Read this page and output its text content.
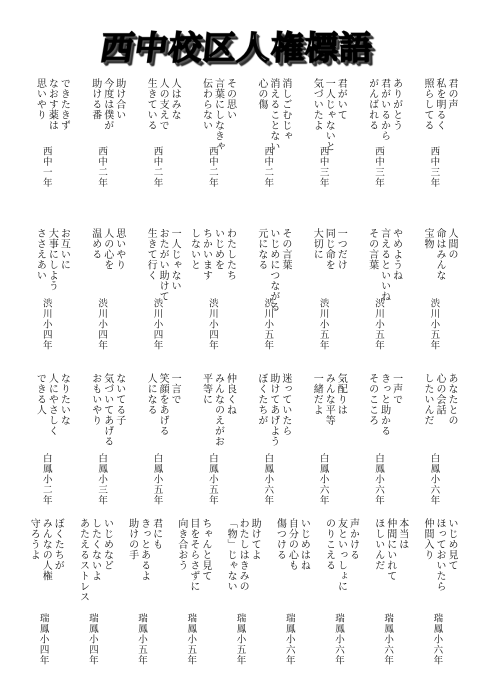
西中校区人権標語
君の声
私を明るく
照らしてる
西中三年
ありがとう
君がいるから
がんばれる
西中三年
君がいて
一人じゃないと
気づいたよ
西中三年
消しごむじゃ
消えることない
心の傷
西中二年
その思い
言葉にしなきゃ
伝わらない
西中二年
人はみな
人の支えで
生きている
西中二年
助け合い
今度は僕が
助ける番
西中二年
できたきず
なおす薬は
思いやり
西中一年
人間の
命はみんな
宝物
渋川小五年
やめようね
言えるといいね
その言葉
渋川小五年
一つだけ
同じ命を
大切に
渋川小五年
その言葉
いじめにつながる
元になる
渋川小五年
わたしたち
いじめを
ちかいます
しないと
渋川小四年
一人じゃない
おたがい助けて
生きて行く
渋川小四年
思いやり
人の心を
温める
渋川小四年
お互いに
大事にしよう
ささえあい
渋川小四年
あなたとの
心の会話
したいんだ
白鳳小六年
一声で
きっと助かる
そのこころ
白鳳小六年
気配りは
みんな平等
一緒だよ
白鳳小六年
迷っていたら
助けてあげよう
ぼくたちが
白鳳小六年
仲良くね
みんなのえがお
平等に
白鳳小五年
一言で
笑顔をあげる
人になる
白鳳小五年
ないてる子
気づいてあげる
おもいやり
白鳳小三年
なりたいな
人にやさしく
できる人
白鳳小二年
いじめ見て
ほっておいたら
仲間入り
瑞鳳小六年
本当は
仲間にいれて
ほしいんだ
瑞鳳小六年
声かける
友といっしょに
のりこえる
瑞鳳小六年
いじめはね
自分の心も
傷つける
瑞鳳小六年
助けてよ
わたしはきみの
「物」じゃない
瑞鳳小五年
ちゃんと見て
目をそらさずに
向き合おう
瑞鳳小五年
君にも
きっとあるよ
助けの手
瑞鳳小五年
いじめなど
したくないよ
あたえるストレス
瑞鳳小四年
ぼくたちが
みんなの人権
守ろうよ
瑞鳳小四年
